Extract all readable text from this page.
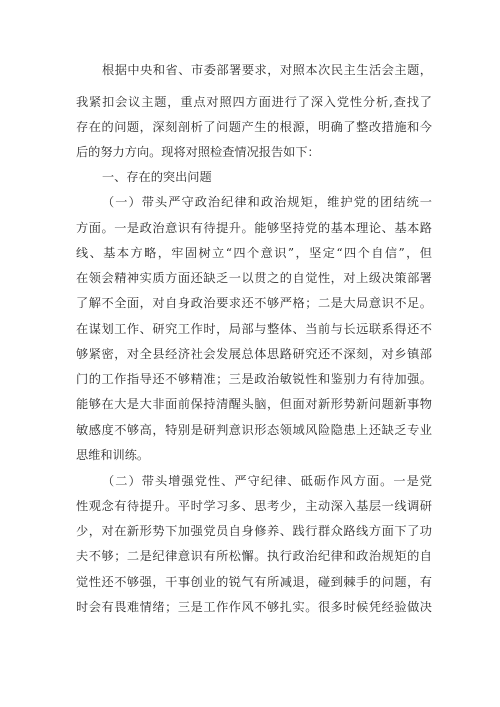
根据中央和省、市委部署要求，对照本次民主生活会主题，
我紧扣会议主题，重点对照四方面进行了深入党性分析,查找了
存在的问题，深刻剖析了问题产生的根源，明确了整改措施和今
后的努力方向。现将对照检查情况报告如下：
一、存在的突出问题
（一）带头严守政治纪律和政治规矩，维护党的团结统一
方面。一是政治意识有待提升。能够坚持党的基本理论、基本路
线、基本方略，牢固树立“四个意识”，坚定“四个自信”，但
在领会精神实质方面还缺乏一以贯之的自觉性，对上级决策部署
了解不全面，对自身政治要求还不够严格；二是大局意识不足。
在谋划工作、研究工作时，局部与整体、当前与长远联系得还不
够紧密，对全县经济社会发展总体思路研究还不深刻，对乡镇部
门的工作指导还不够精准；三是政治敏锐性和鉴别力有待加强。
能够在大是大非面前保持清醒头脑，但面对新形势新问题新事物
敏感度不够高，特别是研判意识形态领域风险隐患上还缺乏专业
思维和训练。
（二）带头增强党性、严守纪律、砥砺作风方面。一是党
性观念有待提升。平时学习多、思考少，主动深入基层一线调研
少，对在新形势下加强党员自身修养、践行群众路线方面下了功
夫不够；二是纪律意识有所松懈。执行政治纪律和政治规矩的自
觉性还不够强，干事创业的锐气有所减退，碰到棘手的问题，有
时会有畏难情绪；三是工作作风不够扎实。很多时候凭经验做决
